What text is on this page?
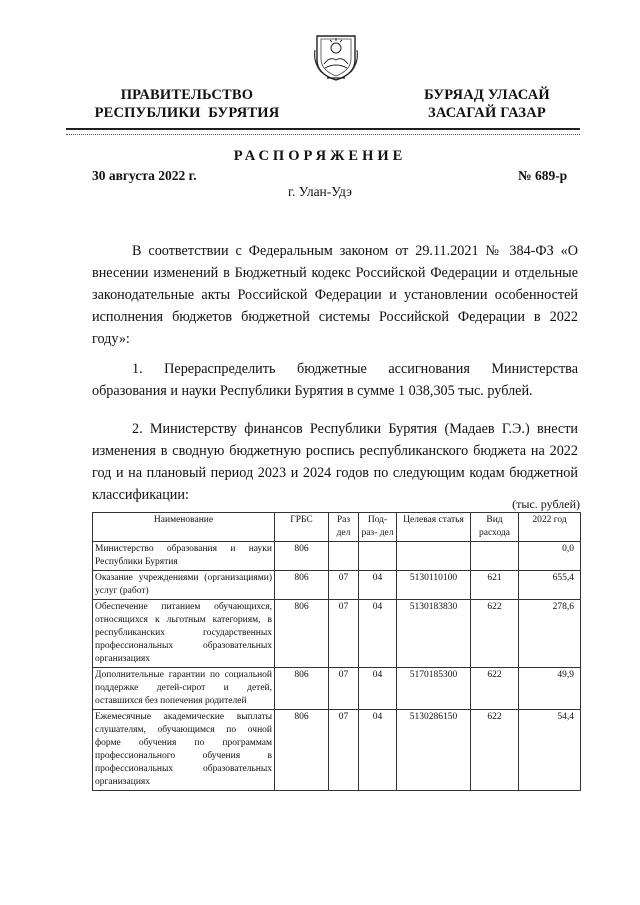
ПРАВИТЕЛЬСТВО
РЕСПУБЛИКИ  БУРЯТИЯ
БУРЯАД УЛАСАЙ
ЗАСАГАЙ ГАЗАР
РАСПОРЯЖЕНИЕ
30 августа 2022 г.	№ 689-р
г. Улан-Удэ
В соответствии с Федеральным законом от 29.11.2021 № 384-ФЗ «О внесении изменений в Бюджетный кодекс Российской Федерации и отдельные законодательные акты Российской Федерации и установлении особенностей исполнения бюджетов бюджетной системы Российской Федерации в 2022 году»:
1. Перераспределить бюджетные ассигнования Министерства образования и науки Республики Бурятия в сумме 1 038,305 тыс. рублей.
2. Министерству финансов Республики Бурятия (Мадаев Г.Э.) внести изменения в сводную бюджетную роспись республиканского бюджета на 2022 год и на плановый период 2023 и 2024 годов по следующим кодам бюджетной классификации:
(тыс. рублей)
Наименование	ГРБС	Раз дел	Под- раз- дел	Целевая статья	Вид расхода	2022 год
Министерство образования и науки Республики Бурятия	806					0,0
Оказание учреждениями (организациями) услуг (работ)	806	07	04	5130110100	621	655,4
Обеспечение питанием обучающихся, относящихся к льготным категориям, в республиканских государственных профессиональных образовательных организациях	806	07	04	5130183830	622	278,6
Дополнительные гарантии по социальной поддержке детей-сирот и детей, оставшихся без попечения родителей	806	07	04	5170185300	622	49,9
Ежемесячные академические выплаты слушателям, обучающимся по очной форме обучения по программам профессионального обучения в профессиональных образовательных организациях	806	07	04	5130286150	622	54,4
